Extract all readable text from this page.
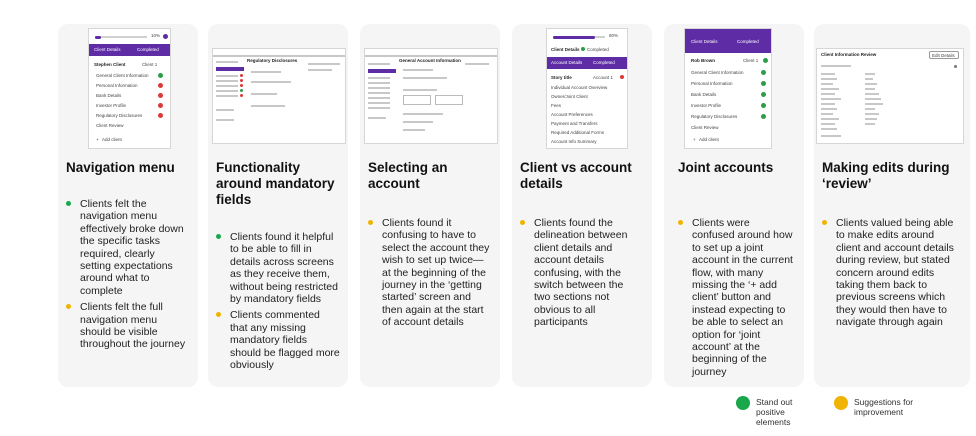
10%
Client Details	Completed
Stephen Client	Client 1
General Client Information
Personal Information
Bank Details
Investor Profile
Regulatory Disclosures
Client Review
+ Add client
Navigation menu
Clients felt the navigation menu effectively broke down the specific tasks required, clearly setting expectations around what to complete
Clients felt the full navigation menu should be visible throughout the journey
Regulatory Disclosures
Functionality around mandatory fields
Clients found it helpful to be able to fill in details across screens as they receive them, without being restricted by mandatory fields
Clients commented that any missing mandatory fields should be flagged more obviously
General Account Information
Selecting an account
Clients found it confusing to have to select the account they wish to set up twice—at the beginning of the journey in the ‘getting started’ screen and then again at the start of account details
80%
Client Details Completed
Account Details Completed
Story title	Account 1
Individual Account Overview
Owner/Joint Client
Fees
Account Preferences
Payment and Transfers
Required Additional Forms
Account Info Summary
Client vs account details
Clients found the delineation between client details and account details confusing, with the switch between the two sections not obvious to all participants
Client Details	Completed
Rob Brown	Client 1
General Client Information
Personal Information
Bank Details
Investor Profile
Regulatory Disclosures
Client Review
+ Add client
Joint accounts
Clients were confused around how to set up a joint account in the current flow, with many missing the ‘+ add client’ button and instead expecting to be able to select an option for ‘joint account’ at the beginning of the journey
Client Information Review	Edit Details
Making edits during ‘review’
Clients valued being able to make edits around client and account details during review, but stated concern around edits taking them back to previous screens which they would then have to navigate through again
Stand out positive elements
Suggestions for improvement
